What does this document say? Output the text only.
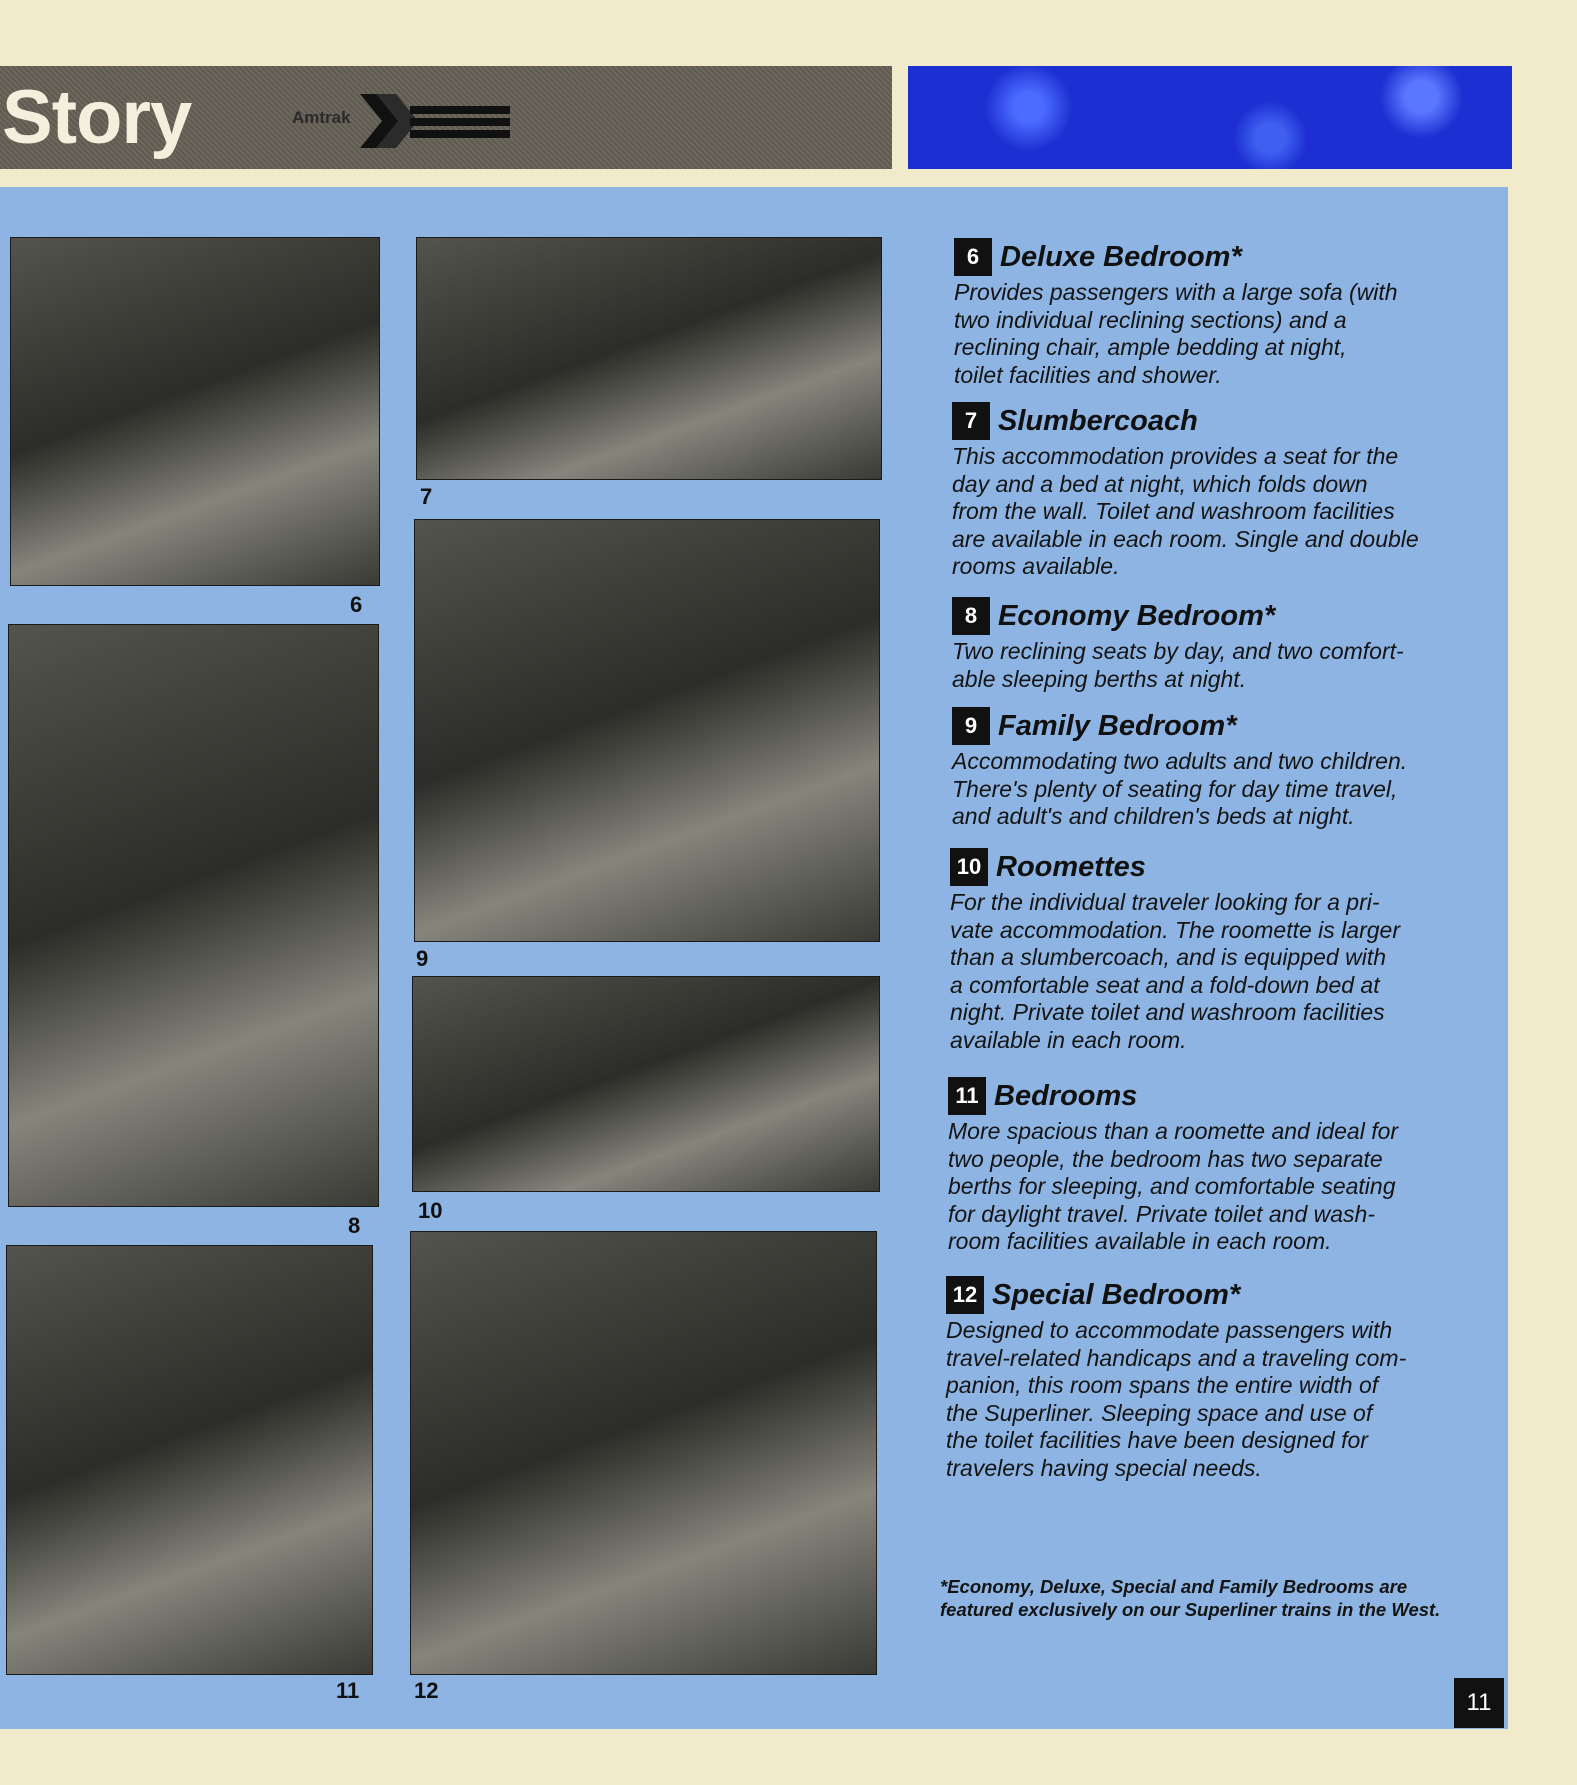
Story	Amtrak
6
7
8
9
10
11 12
6 Deluxe Bedroom*
Provides passengers with a large sofa (with
two individual reclining sections) and a
reclining chair, ample bedding at night,
toilet facilities and shower.
7 Slumbercoach
This accommodation provides a seat for the
day and a bed at night, which folds down
from the wall. Toilet and washroom facilities
are available in each room. Single and double
rooms available.
8 Economy Bedroom*
Two reclining seats by day, and two comfort-
able sleeping berths at night.
9 Family Bedroom*
Accommodating two adults and two children.
There's plenty of seating for day time travel,
and adult's and children's beds at night.
10 Roomettes
For the individual traveler looking for a pri-
vate accommodation. The roomette is larger
than a slumbercoach, and is equipped with
a comfortable seat and a fold-down bed at
night. Private toilet and washroom facilities
available in each room.
11 Bedrooms
More spacious than a roomette and ideal for
two people, the bedroom has two separate
berths for sleeping, and comfortable seating
for daylight travel. Private toilet and wash-
room facilities available in each room.
12 Special Bedroom*
Designed to accommodate passengers with
travel-related handicaps and a traveling com-
panion, this room spans the entire width of
the Superliner. Sleeping space and use of
the toilet facilities have been designed for
travelers having special needs.
*Economy, Deluxe, Special and Family Bedrooms are
featured exclusively on our Superliner trains in the West.
11
